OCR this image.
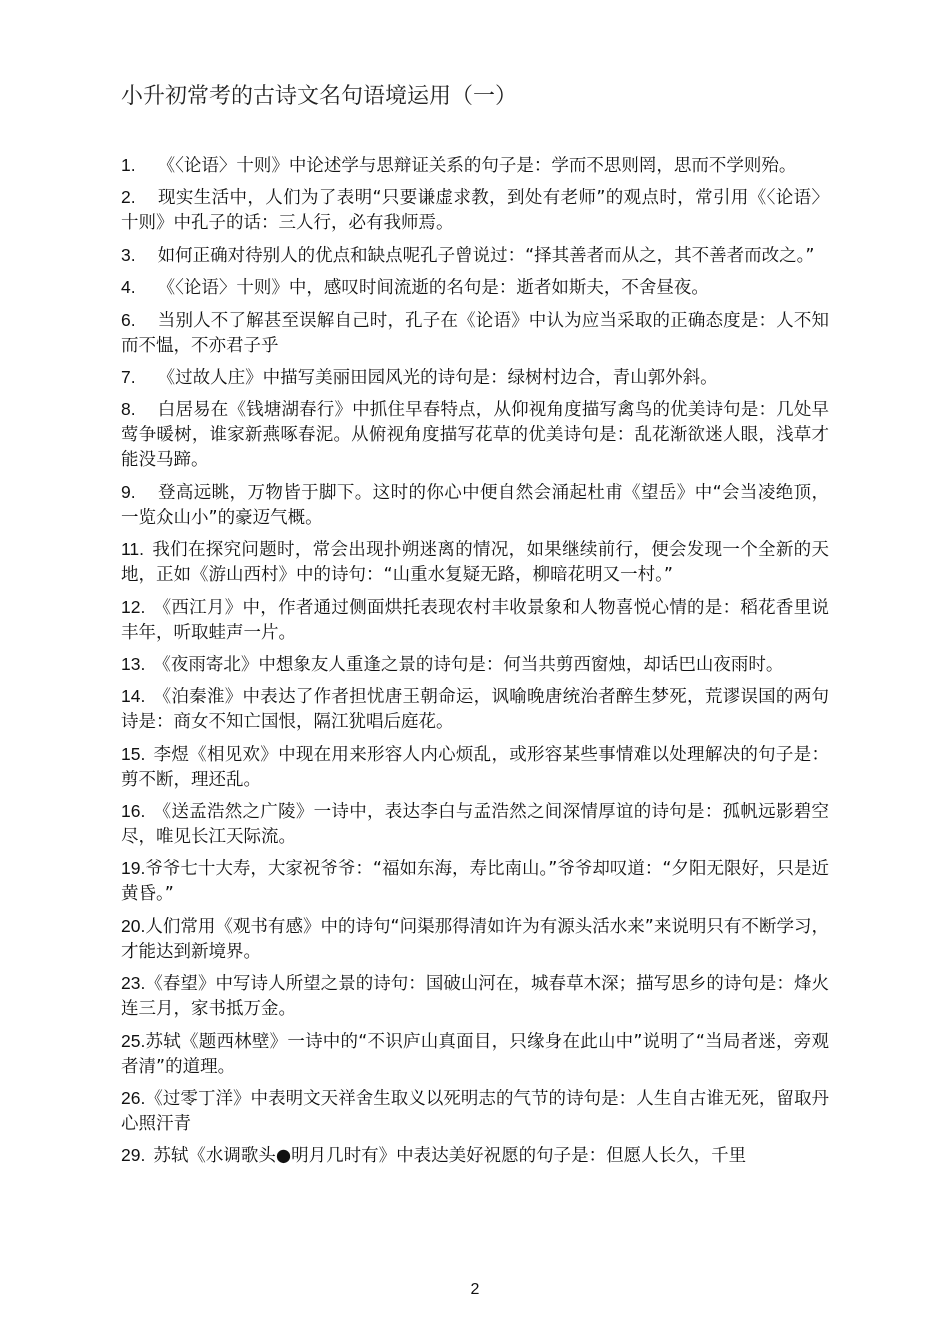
小升初常考的古诗文名句语境运用（一）

1. 《〈论语〉十则》中论述学与思辩证关系的句子是：学而不思则罔，思而不学则殆。

2. 现实生活中，人们为了表明“只要谦虚求教，到处有老师”的观点时，常引用《〈论语〉十则》中孔子的话：三人行，必有我师焉。

3. 如何正确对待别人的优点和缺点呢孔子曾说过：“择其善者而从之，其不善者而改之。”

4. 《〈论语〉十则》中，感叹时间流逝的名句是：逝者如斯夫，不舍昼夜。

6. 当别人不了解甚至误解自己时，孔子在《论语》中认为应当采取的正确态度是：人不知而不愠，不亦君子乎

7. 《过故人庄》中描写美丽田园风光的诗句是：绿树村边合，青山郭外斜。

8. 白居易在《钱塘湖春行》中抓住早春特点，从仰视角度描写禽鸟的优美诗句是：几处早莺争暖树，谁家新燕啄春泥。从俯视角度描写花草的优美诗句是：乱花渐欲迷人眼，浅草才能没马蹄。

9. 登高远眺，万物皆于脚下。这时的你心中便自然会涌起杜甫《望岳》中“会当凌绝顶，一览众山小”的豪迈气概。

11. 我们在探究问题时，常会出现扑朔迷离的情况，如果继续前行，便会发现一个全新的天地，正如《游山西村》中的诗句：“山重水复疑无路，柳暗花明又一村。”

12. 《西江月》中，作者通过侧面烘托表现农村丰收景象和人物喜悦心情的是：稻花香里说丰年，听取蛙声一片。

13. 《夜雨寄北》中想象友人重逢之景的诗句是：何当共剪西窗烛，却话巴山夜雨时。

14. 《泊秦淮》中表达了作者担忧唐王朝命运，讽喻晚唐统治者醉生梦死，荒谬误国的两句诗是：商女不知亡国恨，隔江犹唱后庭花。

15. 李煜《相见欢》中现在用来形容人内心烦乱，或形容某些事情难以处理解决的句子是：剪不断，理还乱。

16. 《送孟浩然之广陵》一诗中，表达李白与孟浩然之间深情厚谊的诗句是：孤帆远影碧空尽，唯见长江天际流。

19.爷爷七十大寿，大家祝爷爷：“福如东海，寿比南山。”爷爷却叹道：“夕阳无限好，只是近黄昏。”

20.人们常用《观书有感》中的诗句“问渠那得清如许为有源头活水来”来说明只有不断学习，才能达到新境界。

23.《春望》中写诗人所望之景的诗句：国破山河在，城春草木深；描写思乡的诗句是：烽火连三月，家书抵万金。

25.苏轼《题西林壁》一诗中的“不识庐山真面目，只缘身在此山中”说明了“当局者迷，旁观者清”的道理。

26.《过零丁洋》中表明文天祥舍生取义以死明志的气节的诗句是：人生自古谁无死，留取丹心照汗青

29. 苏轼《水调歌头●明月几时有》中表达美好祝愿的句子是：但愿人长久，千里

2
